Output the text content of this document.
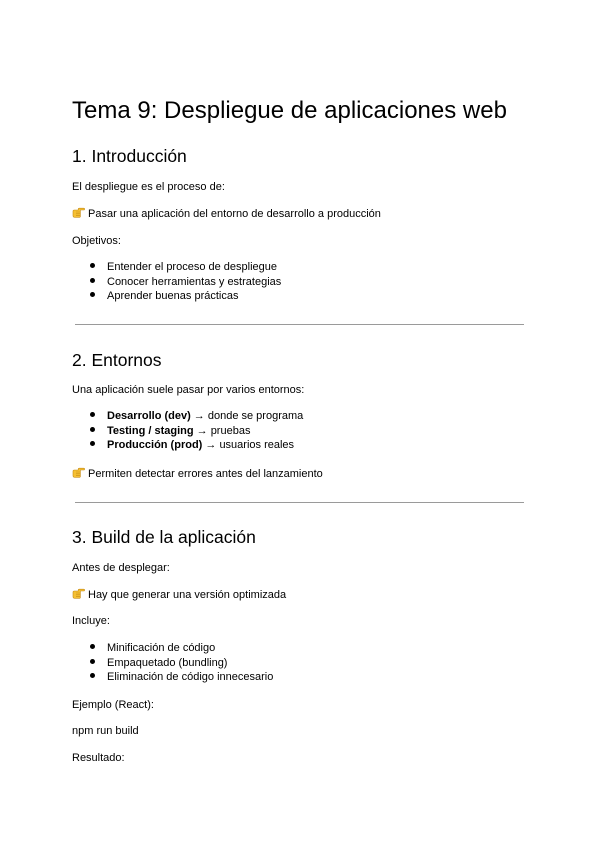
Tema 9: Despliegue de aplicaciones web
1. Introducción

El despliegue es el proceso de:

Pasar una aplicación del entorno de desarrollo a producción

Objetivos:

Entender el proceso de despliegue
Conocer herramientas y estrategias
Aprender buenas prácticas
2. Entornos

Una aplicación suele pasar por varios entornos:

Desarrollo (dev) → donde se programa
Testing / staging → pruebas
Producción (prod) → usuarios reales

Permiten detectar errores antes del lanzamiento

3. Build de la aplicación

Antes de desplegar:

Hay que generar una versión optimizada

Incluye:

Minificación de código
Empaquetado (bundling)
Eliminación de código innecesario

Ejemplo (React):

npm run build

Resultado:
